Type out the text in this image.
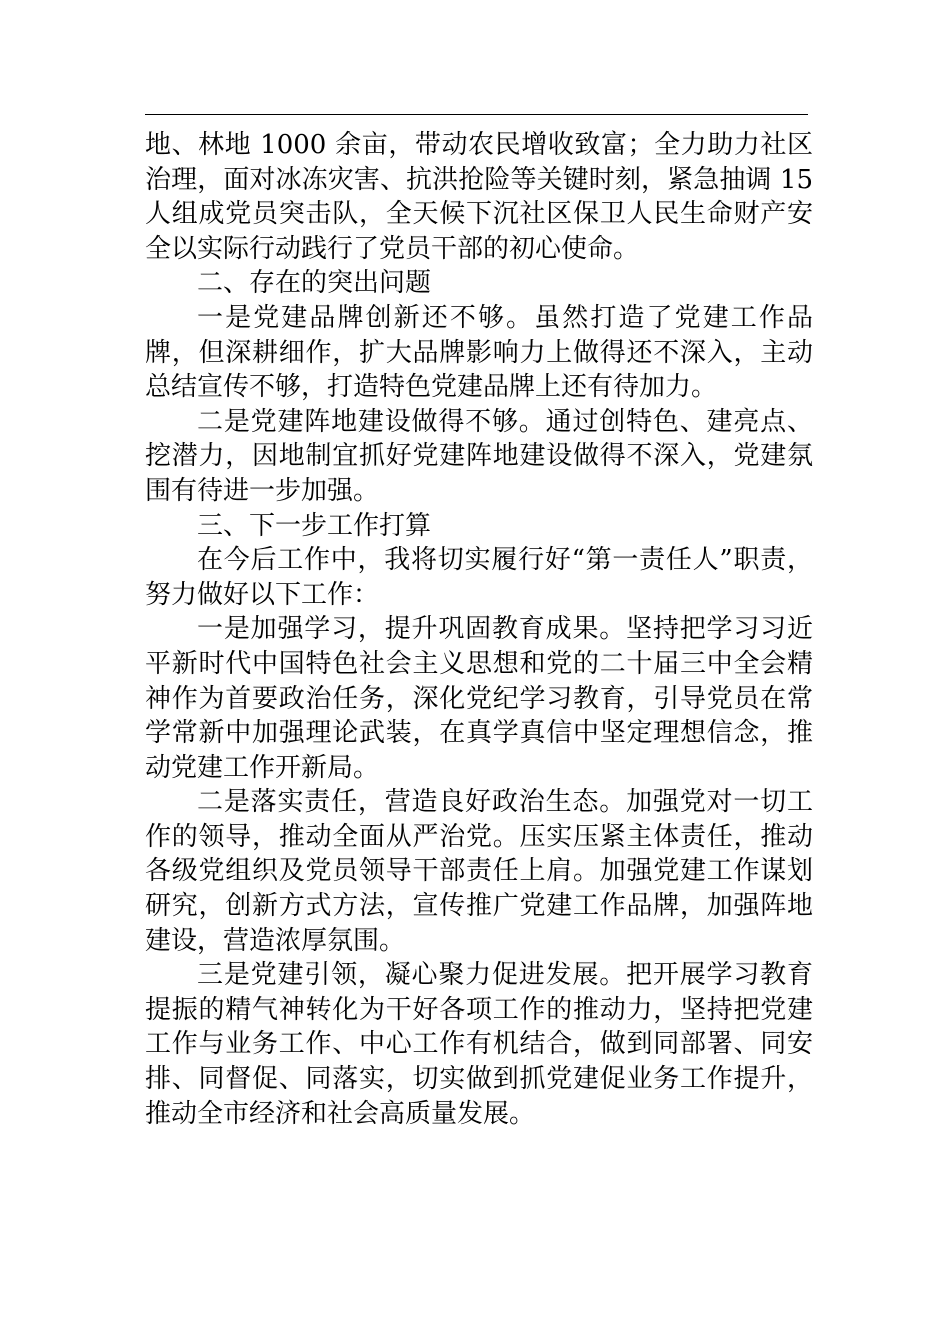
地、林地 1000 余亩，带动农民增收致富；全力助力社区治理，面对冰冻灾害、抗洪抢险等关键时刻，紧急抽调 15 人组成党员突击队，全天候下沉社区保卫人民生命财产安全以实际行动践行了党员干部的初心使命。

二、存在的突出问题

一是党建品牌创新还不够。虽然打造了党建工作品牌，但深耕细作，扩大品牌影响力上做得还不深入，主动总结宣传不够，打造特色党建品牌上还有待加力。

二是党建阵地建设做得不够。通过创特色、建亮点、挖潜力，因地制宜抓好党建阵地建设做得不深入，党建氛围有待进一步加强。

三、下一步工作打算

在今后工作中，我将切实履行好“第一责任人”职责，努力做好以下工作：

一是加强学习，提升巩固教育成果。坚持把学习习近平新时代中国特色社会主义思想和党的二十届三中全会精神作为首要政治任务，深化党纪学习教育，引导党员在常学常新中加强理论武装，在真学真信中坚定理想信念，推动党建工作开新局。

二是落实责任，营造良好政治生态。加强党对一切工作的领导，推动全面从严治党。压实压紧主体责任，推动各级党组织及党员领导干部责任上肩。加强党建工作谋划研究，创新方式方法，宣传推广党建工作品牌，加强阵地建设，营造浓厚氛围。

三是党建引领，凝心聚力促进发展。把开展学习教育提振的精气神转化为干好各项工作的推动力，坚持把党建工作与业务工作、中心工作有机结合，做到同部署、同安排、同督促、同落实，切实做到抓党建促业务工作提升，推动全市经济和社会高质量发展。
